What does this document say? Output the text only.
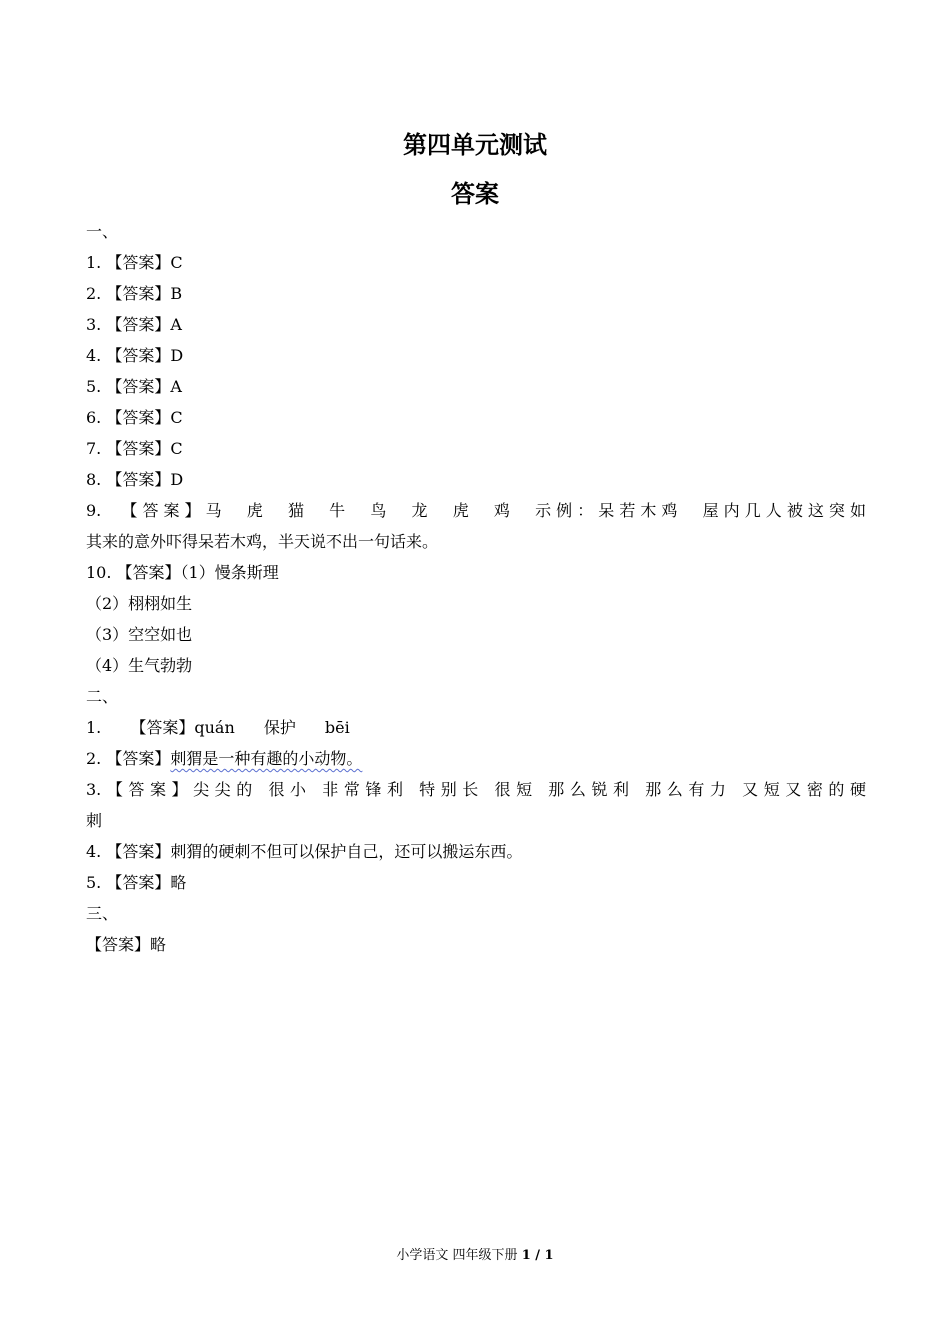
第四单元测试
答案
一、
1. 【答案】C
2. 【答案】B
3. 【答案】A
4. 【答案】D
5. 【答案】A
6. 【答案】C
7. 【答案】C
8. 【答案】D
9. 【答案】马 虎 猫 牛 鸟 龙 虎 鸡 示例：呆若木鸡 屋内几人被这突如
其来的意外吓得呆若木鸡，半天说不出一句话来。
10. 【答案】（1）慢条斯理
（2）栩栩如生
（3）空空如也
（4）生气勃勃
二、
1. 【答案】quán 保护 bēi
2. 【答案】刺猬是一种有趣的小动物。
3.【答案】尖尖的 很小 非常锋利 特别长 很短 那么锐利 那么有力 又短又密的硬
刺
4. 【答案】刺猬的硬刺不但可以保护自己，还可以搬运东西。
5. 【答案】略
三、
【答案】略
小学语文 四年级下册 1 / 1
